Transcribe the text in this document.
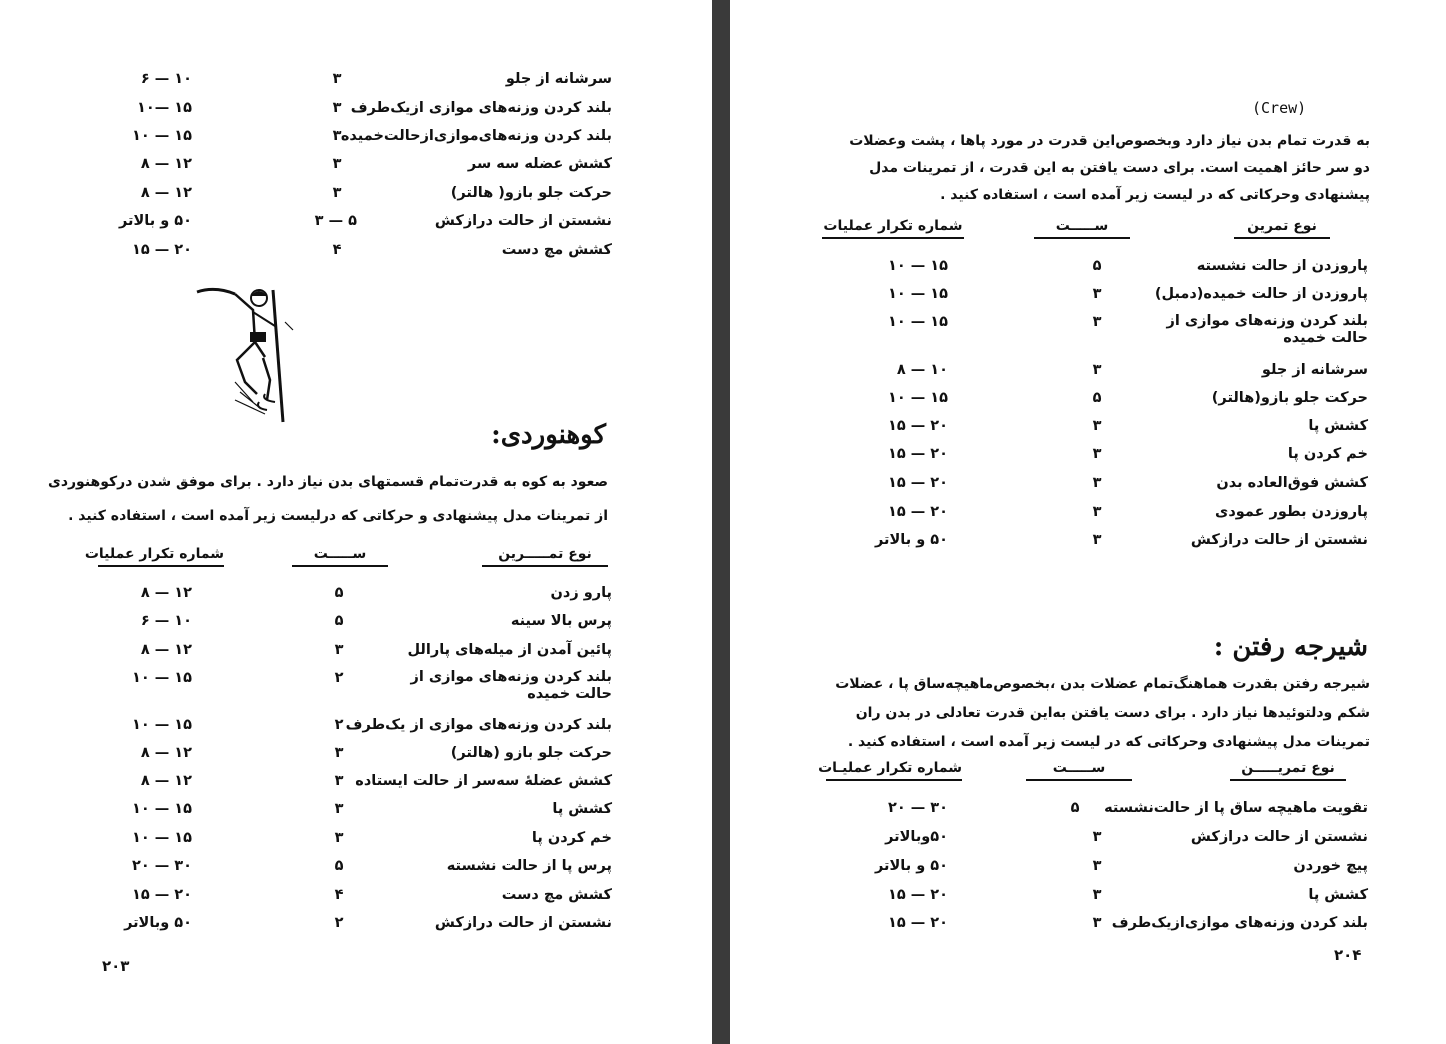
سرشانه از جلو
۳
۱۰ — ۶
بلند کردن وزنه‌های موازی ازیک‌طرف
۳
۱۵ —۱۰
بلند کردن وزنه‌های‌موازی‌ازحالت‌خمیده
۳
۱۵ — ۱۰
کشش عضله سه سر
۳
۱۲ — ۸
حرکت جلو بازو( هالتر)
۳
۱۲ — ۸
نشستن از حالت درازکش
۵ — ۳
۵۰ و بالاتر
کشش مچ دست
۴
۲۰ — ۱۵
کوهنوردی:
صعود به کوه به قدرت‌تمام قسمتهای بدن نیاز دارد . برای موفق شدن درکوهنوردی
از تمرینات مدل پیشنهادی و حرکاتی که درلیست زیر آمده است ، استفاده کنید .
نوع تمـــــرین
ســـــت
شماره تکرار عملیات
پارو زدن
۵
۱۲ — ۸
پرس بالا سینه
۵
۱۰ — ۶
پائین آمدن از میله‌های پارالل
۳
۱۲ — ۸
بلند کردن وزنه‌های موازی از حالت خمیده
۲
۱۵ — ۱۰
بلند کردن وزنه‌های موازی از یک‌طرف
۲
۱۵ — ۱۰
حرکت جلو بازو (هالتر)
۳
۱۲ — ۸
کشش عضلهٔ سه‌سر از حالت ایستاده
۳
۱۲ — ۸
کشش پا
۳
۱۵ — ۱۰
خم کردن پا
۳
۱۵ — ۱۰
پرس پا از حالت نشسته
۵
۳۰ — ۲۰
کشش مچ دست
۴
۲۰ — ۱۵
نشستن از حالت درازکش
۲
۵۰ وبالاتر
۲۰۳
(Crew)
به قدرت تمام بدن نیاز دارد وبخصوص‌این قدرت در مورد پاها ، پشت وعضلات
دو سر حائز اهمیت است. برای دست یافتن به این قدرت ، از تمرینات مدل
پیشنهادی وحرکاتی که در لیست زیر آمده است ، استفاده کنید .
نوع تمرین
ســـــت
شماره تکرار عملیات
پاروزدن از حالت نشسته
۵
۱۵ — ۱۰
پاروزدن از حالت خمیده(دمبل)
۳
۱۵ — ۱۰
بلند کردن وزنه‌های موازی از حالت خمیده
۳
۱۵ — ۱۰
سرشانه از جلو
۳
۱۰ — ۸
حرکت جلو بازو(هالتر)
۵
۱۵ — ۱۰
کشش پا
۳
۲۰ — ۱۵
خم کردن پا
۳
۲۰ — ۱۵
کشش فوق‌العاده بدن
۳
۲۰ — ۱۵
پاروزدن بطور عمودی
۳
۲۰ — ۱۵
نشستن از حالت درازکش
۳
۵۰ و بالاتر
شیرجه رفتن :
شیرجه رفتن بقدرت هماهنگ‌تمام عضلات بدن ،بخصوص‌ماهیچه‌ساق پا ، عضلات
شکم ودلتوئیدها نیاز دارد . برای دست یافتن به‌این قدرت تعادلی در بدن ران
تمرینات مدل پیشنهادی وحرکاتی که در لیست زیر آمده است ، استفاده کنید .
نوع تمریـــــن
ســـــت
شماره تکرار عملیـات
تقویت ماهیچه ساق پا از حالت‌نشسته
۵
۳۰ — ۲۰
نشستن از حالت درازکش
۳
۵۰وبالاتر
پیچ خوردن
۳
۵۰ و بالاتر
کشش پا
۳
۲۰ — ۱۵
بلند کردن وزنه‌های موازی‌ازیک‌طرف
۳
۲۰ — ۱۵
۲۰۴
